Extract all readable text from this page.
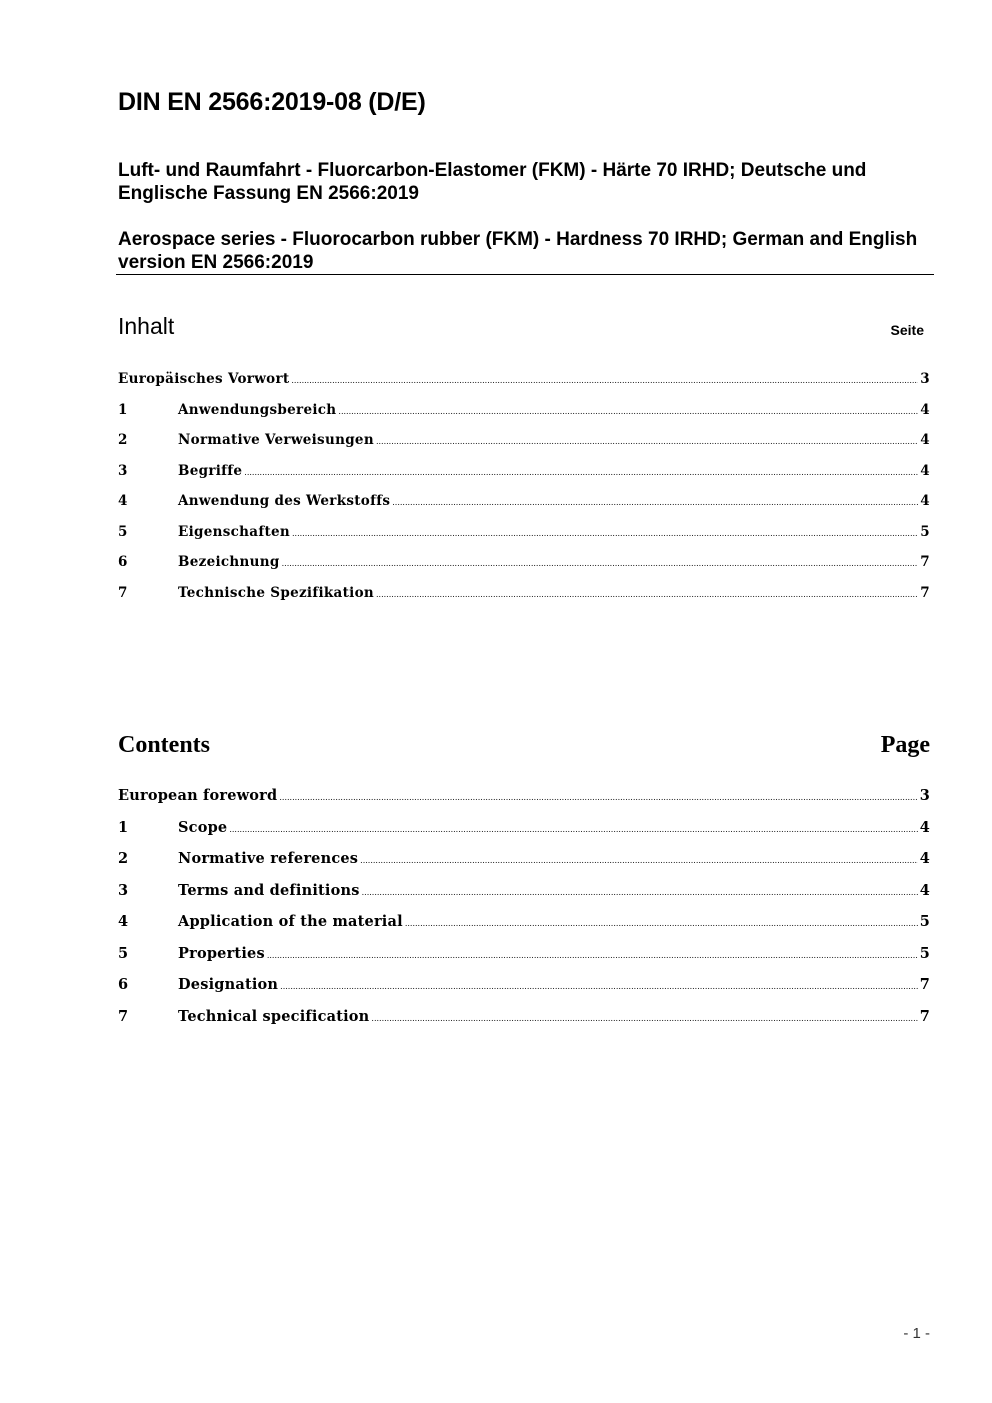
DIN EN 2566:2019-08 (D/E)
Luft- und Raumfahrt - Fluorcarbon-Elastomer (FKM) - Härte 70 IRHD; Deutsche und Englische Fassung EN 2566:2019
Aerospace series - Fluorocarbon rubber (FKM) - Hardness 70 IRHD; German and English version EN 2566:2019
Inhalt	Seite
Europäisches Vorwort .....	3
1	Anwendungsbereich .....	4
2	Normative Verweisungen .....	4
3	Begriffe .....	4
4	Anwendung des Werkstoffs .....	4
5	Eigenschaften .....	5
6	Bezeichnung .....	7
7	Technische Spezifikation .....	7
Contents	Page
European foreword .....	3
1	Scope .....	4
2	Normative references .....	4
3	Terms and definitions .....	4
4	Application of the material .....	5
5	Properties .....	5
6	Designation .....	7
7	Technical specification .....	7
- 1 -
